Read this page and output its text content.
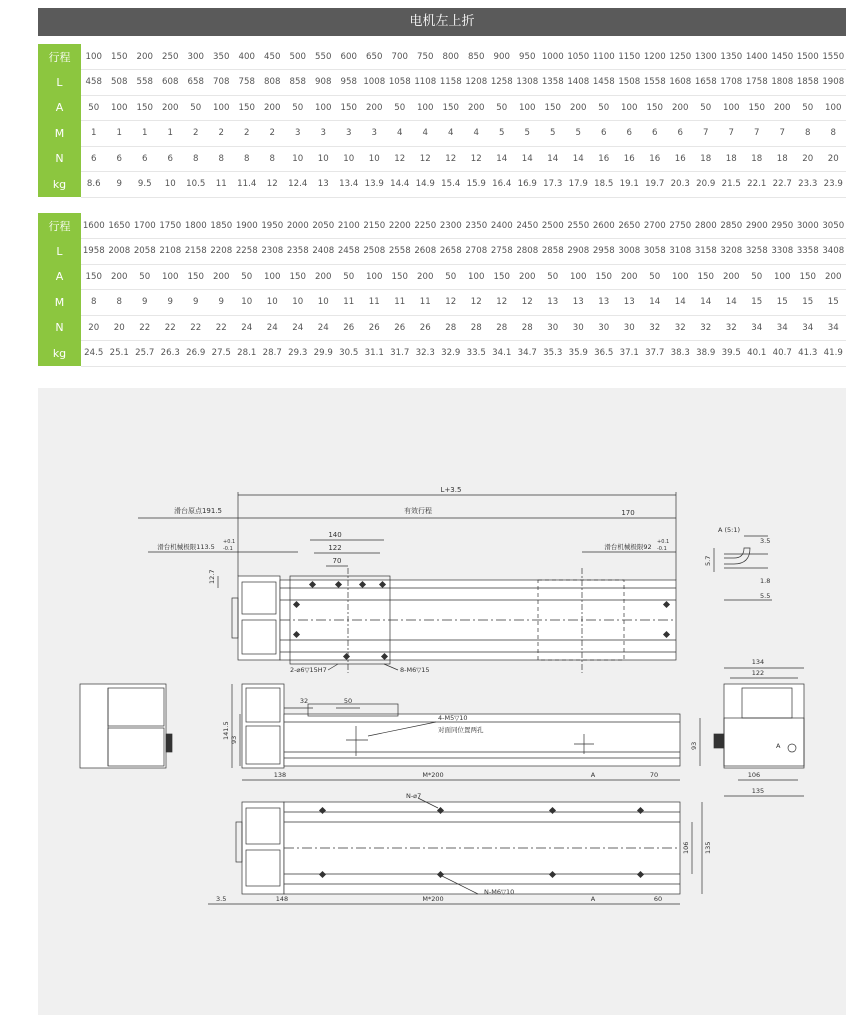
电机左上折
行程	100	150	200	250	300	350	400	450	500	550	600	650	700	750	800	850	900	950	1000	1050	1100	1150	1200	1250	1300	1350	1400	1450	1500	1550
L	458	508	558	608	658	708	758	808	858	908	958	1008	1058	1108	1158	1208	1258	1308	1358	1408	1458	1508	1558	1608	1658	1708	1758	1808	1858	1908
A	50	100	150	200	50	100	150	200	50	100	150	200	50	100	150	200	50	100	150	200	50	100	150	200	50	100	150	200	50	100
M	1	1	1	1	2	2	2	2	3	3	3	3	4	4	4	4	5	5	5	5	6	6	6	6	7	7	7	7	8	8
N	6	6	6	6	8	8	8	8	10	10	10	10	12	12	12	12	14	14	14	14	16	16	16	16	18	18	18	18	20	20
kg	8.6	9	9.5	10	10.5	11	11.4	12	12.4	13	13.4	13.9	14.4	14.9	15.4	15.9	16.4	16.9	17.3	17.9	18.5	19.1	19.7	20.3	20.9	21.5	22.1	22.7	23.3	23.9
行程	1600	1650	1700	1750	1800	1850	1900	1950	2000	2050	2100	2150	2200	2250	2300	2350	2400	2450	2500	2550	2600	2650	2700	2750	2800	2850	2900	2950	3000	3050
L	1958	2008	2058	2108	2158	2208	2258	2308	2358	2408	2458	2508	2558	2608	2658	2708	2758	2808	2858	2908	2958	3008	3058	3108	3158	3208	3258	3308	3358	3408
A	150	200	50	100	150	200	50	100	150	200	50	100	150	200	50	100	150	200	50	100	150	200	50	100	150	200	50	100	150	200
M	8	8	9	9	9	9	10	10	10	10	11	11	11	11	12	12	12	12	13	13	13	13	14	14	14	14	15	15	15	15
N	20	20	22	22	22	22	24	24	24	24	26	26	26	26	28	28	28	28	30	30	30	30	32	32	32	32	34	34	34	34
kg	24.5	25.1	25.7	26.3	26.9	27.5	28.1	28.7	29.3	29.9	30.5	31.1	31.7	32.3	32.9	33.5	34.1	34.7	35.3	35.9	36.5	37.1	37.7	38.3	38.9	39.5	40.1	40.7	41.3	41.9
L+3.5
滑台原点191.5	有效行程	170
滑台机械极限113.5
+0.1
-0.1	滑台机械极限92
+0.1
-0.1
140
122
70
12.7
2-⌀6▽15H7	8-M6▽15
A (5:1)
3.5
5.7
1.8
5.5
32	50
141.5 93
4-M5▽10
对面同位置两孔
138	M*200	A	70
134
122
93	A
106
135
N-⌀7
N-M6▽10
106 135
3.5	148	M*200	A	60
